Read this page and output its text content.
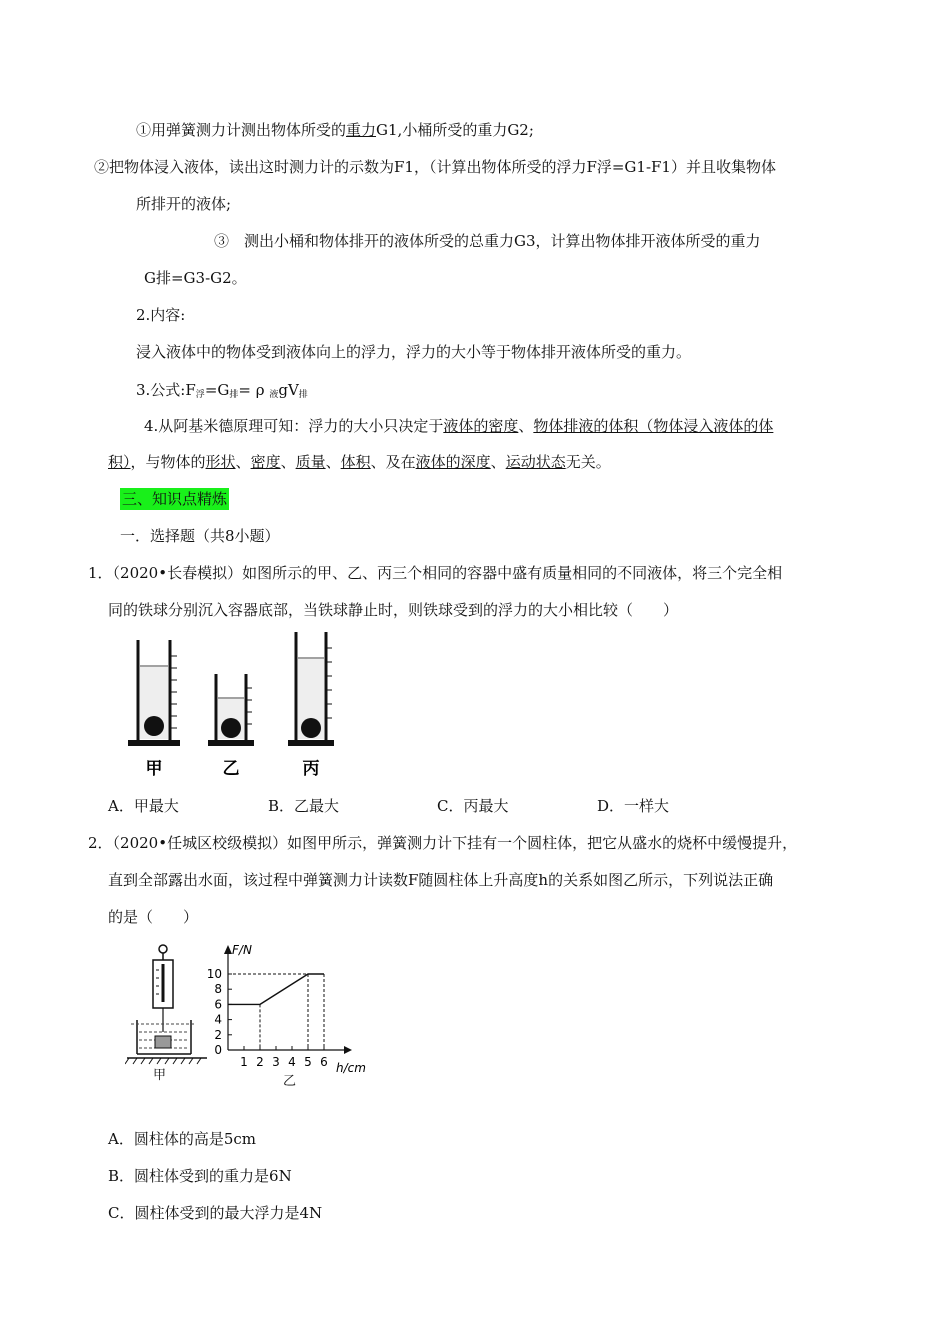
①用弹簧测力计测出物体所受的重力G1,小桶所受的重力G2;
②把物体浸入液体，读出这时测力计的示数为F1，（计算出物体所受的浮力F浮=G1-F1）并且收集物体
所排开的液体;
③　测出小桶和物体排开的液体所受的总重力G3，计算出物体排开液体所受的重力
G排=G3-G2。
2.内容:
浸入液体中的物体受到液体向上的浮力，浮力的大小等于物体排开液体所受的重力。
3.公式$:F_浮=G_排= \rho$ $_液gV_排$
4.从阿基米德原理可知：浮力的大小只决定于液体的密度、物体排液的体积（物体浸入液体的体
积），与物体的形状、密度、质量、体积、及在液体的深度、运动状态无关。
三、知识点精炼
一．选择题（共8小题）
1．（2020•长春模拟）如图所示的甲、乙、丙三个相同的容器中盛有质量相同的不同液体，将三个完全相
同的铁球分别沉入容器底部，当铁球静止时，则铁球受到的浮力的大小相比较（　　）
甲	乙	丙
A．甲最大	B．乙最大	C．丙最大	D．一样大
2．（2020•任城区校级模拟）如图甲所示，弹簧测力计下挂有一个圆柱体，把它从盛水的烧杯中缓慢提升，
直到全部露出水面，该过程中弹簧测力计读数F随圆柱体上升高度h的关系如图乙所示，下列说法正确
的是（　　）
甲
F/N
h/cm
0
2
4
6
8
10
1 2 3 4 5 6
乙
A．圆柱体的高是5cm
B．圆柱体受到的重力是6N
C．圆柱体受到的最大浮力是4N
